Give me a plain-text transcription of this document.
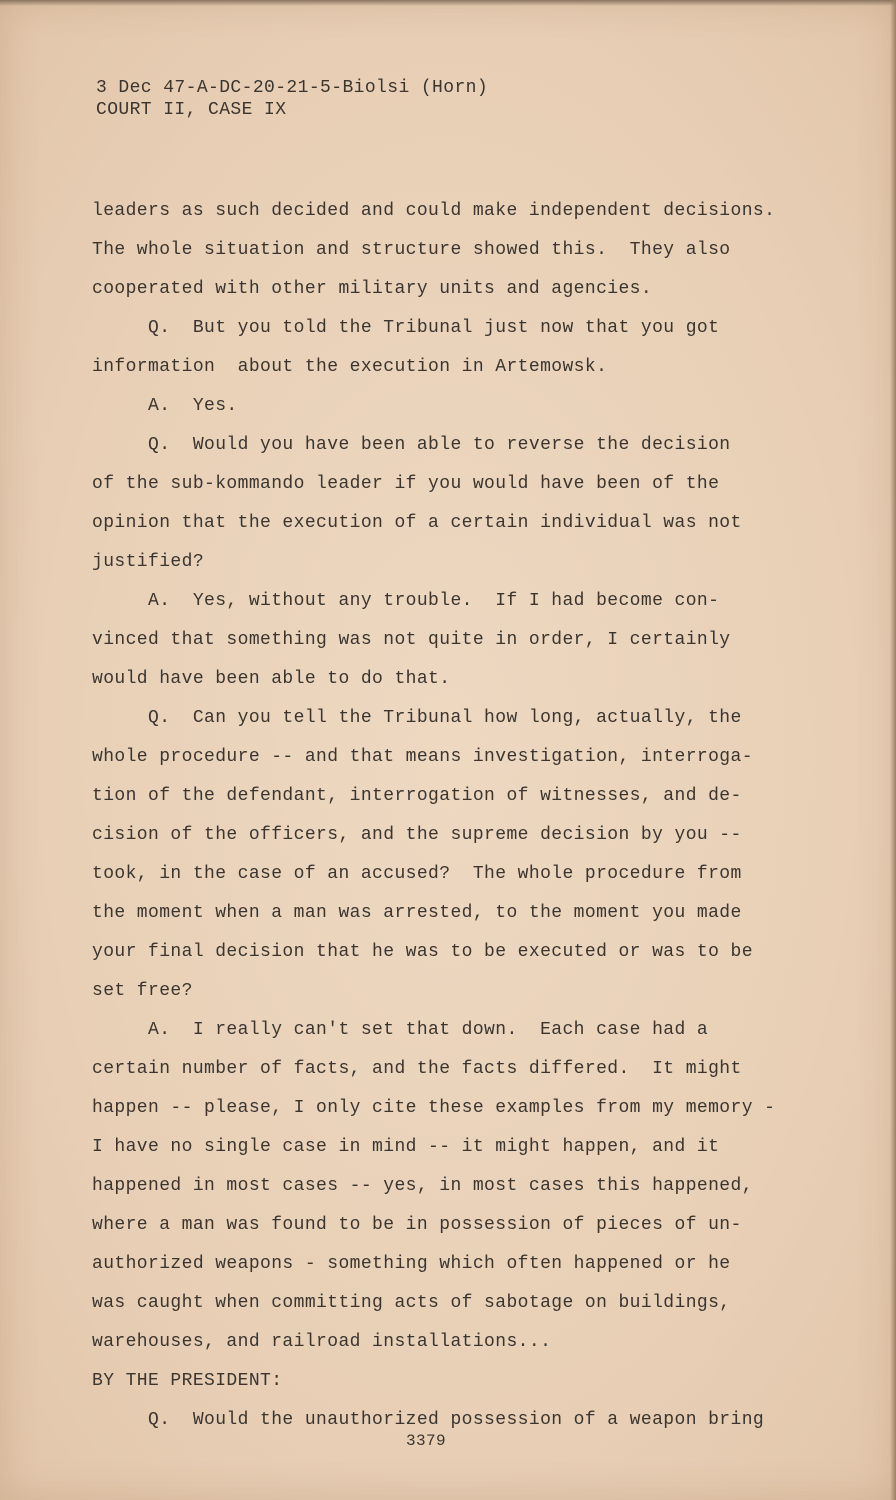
3 Dec 47-A-DC-20-21-5-Biolsi (Horn)
COURT II, CASE IX
leaders as such decided and could make independent decisions.
The whole situation and structure showed this.  They also
cooperated with other military units and agencies.
Q.  But you told the Tribunal just now that you got
information  about the execution in Artemowsk.
A.  Yes.
Q.  Would you have been able to reverse the decision
of the sub-kommando leader if you would have been of the
opinion that the execution of a certain individual was not
justified?
A.  Yes, without any trouble.  If I had become con-
vinced that something was not quite in order, I certainly
would have been able to do that.
Q.  Can you tell the Tribunal how long, actually, the
whole procedure -- and that means investigation, interroga-
tion of the defendant, interrogation of witnesses, and de-
cision of the officers, and the supreme decision by you --
took, in the case of an accused?  The whole procedure from
the moment when a man was arrested, to the moment you made
your final decision that he was to be executed or was to be
set free?
A.  I really can't set that down.  Each case had a
certain number of facts, and the facts differed.  It might
happen -- please, I only cite these examples from my memory -
I have no single case in mind -- it might happen, and it
happened in most cases -- yes, in most cases this happened,
where a man was found to be in possession of pieces of un-
authorized weapons - something which often happened or he
was caught when committing acts of sabotage on buildings,
warehouses, and railroad installations...
BY THE PRESIDENT:
Q.  Would the unauthorized possession of a weapon bring
3379
